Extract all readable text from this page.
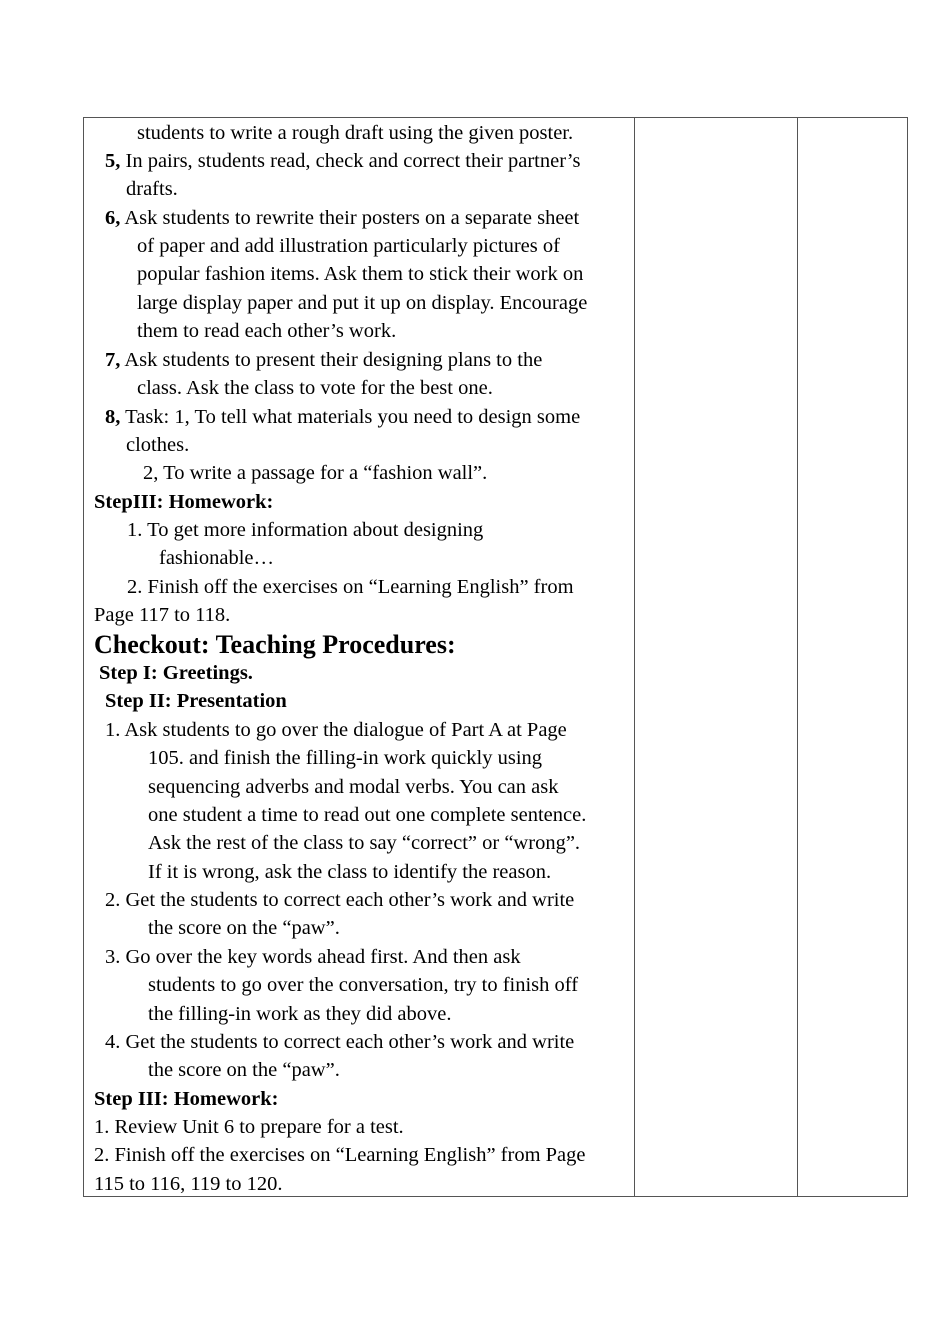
students to write a rough draft using the given poster.
5, In pairs, students read, check and correct their partner’s
drafts.
6, Ask students to rewrite their posters on a separate sheet
of paper and add illustration particularly pictures of
popular fashion items. Ask them to stick their work on
large display paper and put it up on display. Encourage
them to read each other’s work.
7, Ask students to present their designing plans to the
class. Ask the class to vote for the best one.
8, Task: 1, To tell what materials you need to design some
clothes.
2, To write a passage for a “fashion wall”.
StepIII: Homework:
1. To get more information about designing
fashionable…
2. Finish off the exercises on “Learning English” from
Page 117 to 118.
Checkout: Teaching Procedures:
Step I: Greetings.
Step II: Presentation
1. Ask students to go over the dialogue of Part A at Page
105. and finish the filling-in work quickly using
sequencing adverbs and modal verbs. You can ask
one student a time to read out one complete sentence.
Ask the rest of the class to say “correct” or “wrong”.
If it is wrong, ask the class to identify the reason.
2. Get the students to correct each other’s work and write
the score on the “paw”.
3. Go over the key words ahead first. And then ask
students to go over the conversation, try to finish off
the filling-in work as they did above.
4. Get the students to correct each other’s work and write
the score on the “paw”.
Step III: Homework:
1. Review Unit 6 to prepare for a test.
2. Finish off the exercises on “Learning English” from Page
115 to 116, 119 to 120.
